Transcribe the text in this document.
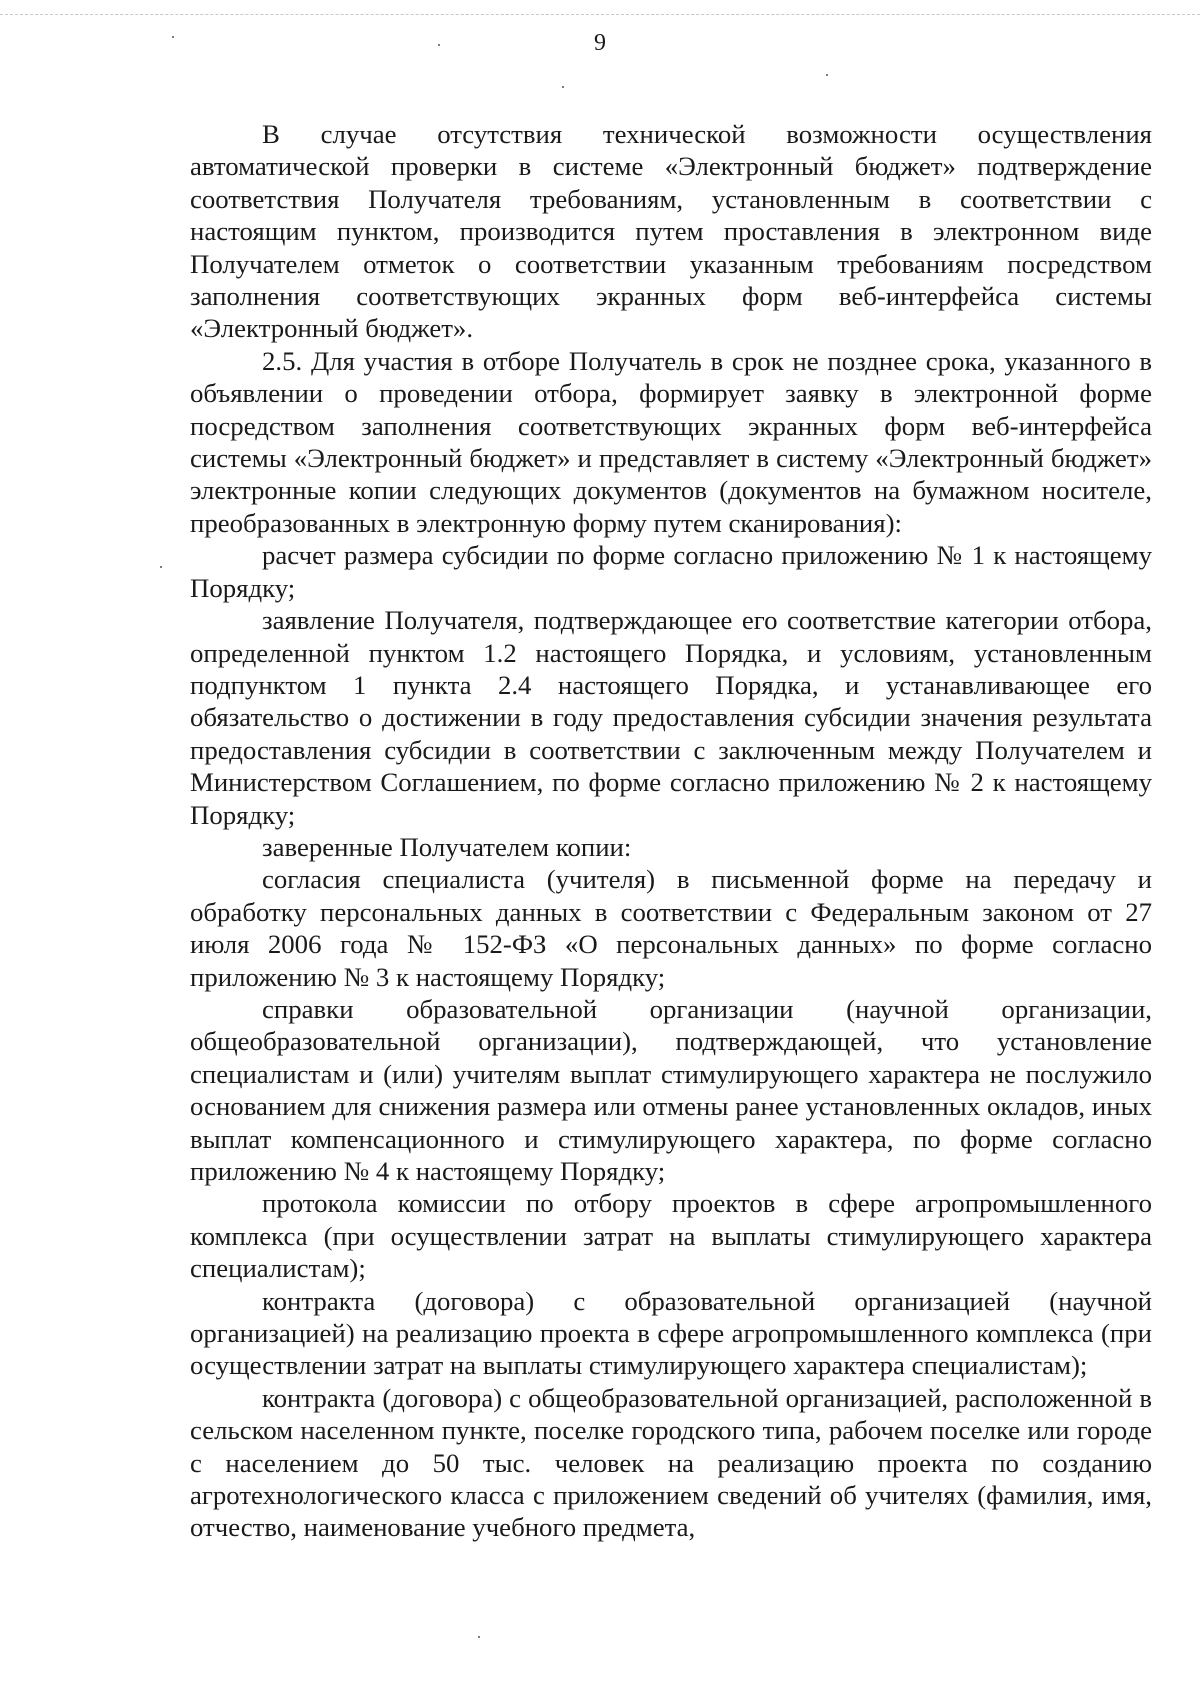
9

В случае отсутствия технической возможности осуществления автоматической проверки в системе «Электронный бюджет» подтверждение соответствия Получателя требованиям, установленным в соответствии с настоящим пунктом, производится путем проставления в электронном виде Получателем отметок о соответствии указанным требованиям посредством заполнения соответствующих экранных форм веб-интерфейса системы «Электронный бюджет».

2.5. Для участия в отборе Получатель в срок не позднее срока, указанного в объявлении о проведении отбора, формирует заявку в электронной форме посредством заполнения соответствующих экранных форм веб-интерфейса системы «Электронный бюджет» и представляет в систему «Электронный бюджет» электронные копии следующих документов (документов на бумажном носителе, преобразованных в электронную форму путем сканирования):

расчет размера субсидии по форме согласно приложению № 1 к настоящему Порядку;

заявление Получателя, подтверждающее его соответствие категории отбора, определенной пунктом 1.2 настоящего Порядка, и условиям, установленным подпунктом 1 пункта 2.4 настоящего Порядка, и устанавливающее его обязательство о достижении в году предоставления субсидии значения результата предоставления субсидии в соответствии с заключенным между Получателем и Министерством Соглашением, по форме согласно приложению № 2 к настоящему Порядку;

заверенные Получателем копии:

согласия специалиста (учителя) в письменной форме на передачу и обработку персональных данных в соответствии с Федеральным законом от 27 июля 2006 года № 152-ФЗ «О персональных данных» по форме согласно приложению № 3 к настоящему Порядку;

справки образовательной организации (научной организации, общеобразовательной организации), подтверждающей, что установление специалистам и (или) учителям выплат стимулирующего характера не послужило основанием для снижения размера или отмены ранее установленных окладов, иных выплат компенсационного и стимулирующего характера, по форме согласно приложению № 4 к настоящему Порядку;

протокола комиссии по отбору проектов в сфере агропромышленного комплекса (при осуществлении затрат на выплаты стимулирующего характера специалистам);

контракта (договора) с образовательной организацией (научной организацией) на реализацию проекта в сфере агропромышленного комплекса (при осуществлении затрат на выплаты стимулирующего характера специалистам);

контракта (договора) с общеобразовательной организацией, расположенной в сельском населенном пункте, поселке городского типа, рабочем поселке или городе с населением до 50 тыс. человек на реализацию проекта по созданию агротехнологического класса с приложением сведений об учителях (фамилия, имя, отчество, наименование учебного предмета,
